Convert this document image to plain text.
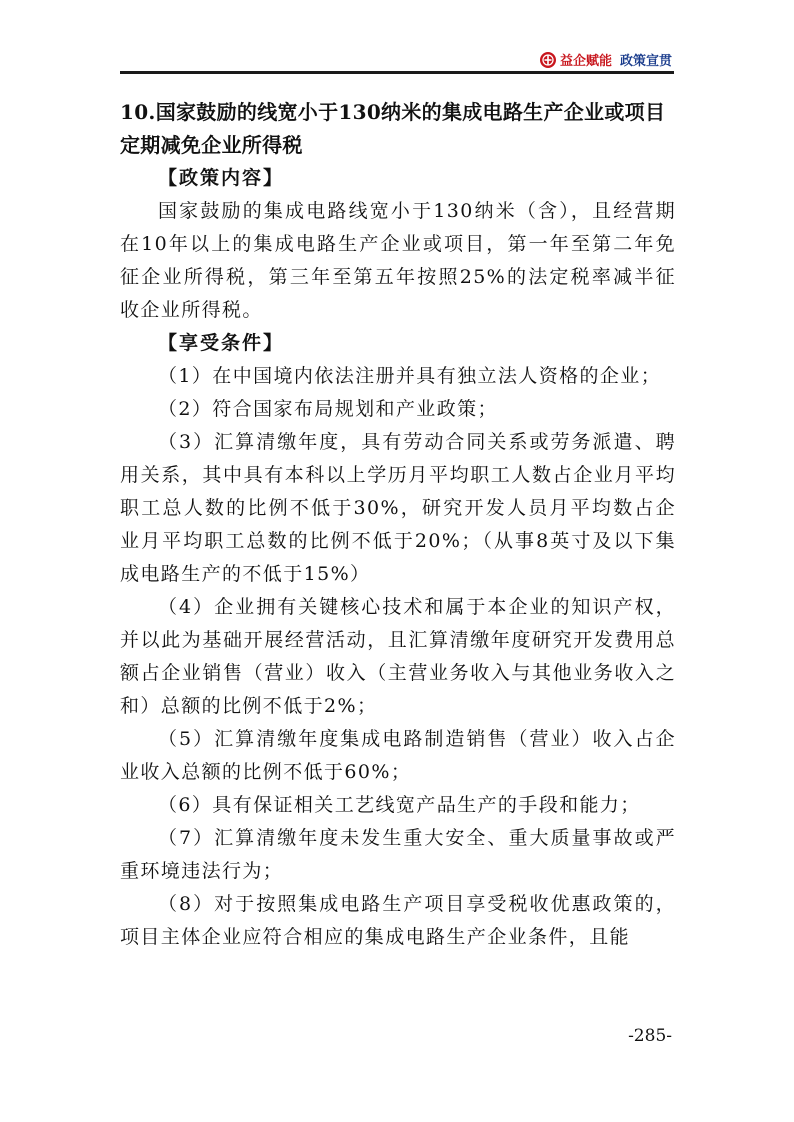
益企赋能 政策宣贯

10.国家鼓励的线宽小于130纳米的集成电路生产企业或项目定期减免企业所得税

【政策内容】

国家鼓励的集成电路线宽小于130纳米（含），且经营期在10年以上的集成电路生产企业或项目，第一年至第二年免征企业所得税，第三年至第五年按照25%的法定税率减半征收企业所得税。

【享受条件】

（1）在中国境内依法注册并具有独立法人资格的企业；

（2）符合国家布局规划和产业政策；

（3）汇算清缴年度，具有劳动合同关系或劳务派遣、聘用关系，其中具有本科以上学历月平均职工人数占企业月平均职工总人数的比例不低于30%，研究开发人员月平均数占企业月平均职工总数的比例不低于20%；（从事8英寸及以下集成电路生产的不低于15%）

（4）企业拥有关键核心技术和属于本企业的知识产权，并以此为基础开展经营活动，且汇算清缴年度研究开发费用总额占企业销售（营业）收入（主营业务收入与其他业务收入之和）总额的比例不低于2%；

（5）汇算清缴年度集成电路制造销售（营业）收入占企业收入总额的比例不低于60%；

（6）具有保证相关工艺线宽产品生产的手段和能力；

（7）汇算清缴年度未发生重大安全、重大质量事故或严重环境违法行为；

（8）对于按照集成电路生产项目享受税收优惠政策的，项目主体企业应符合相应的集成电路生产企业条件，且能

-285-
